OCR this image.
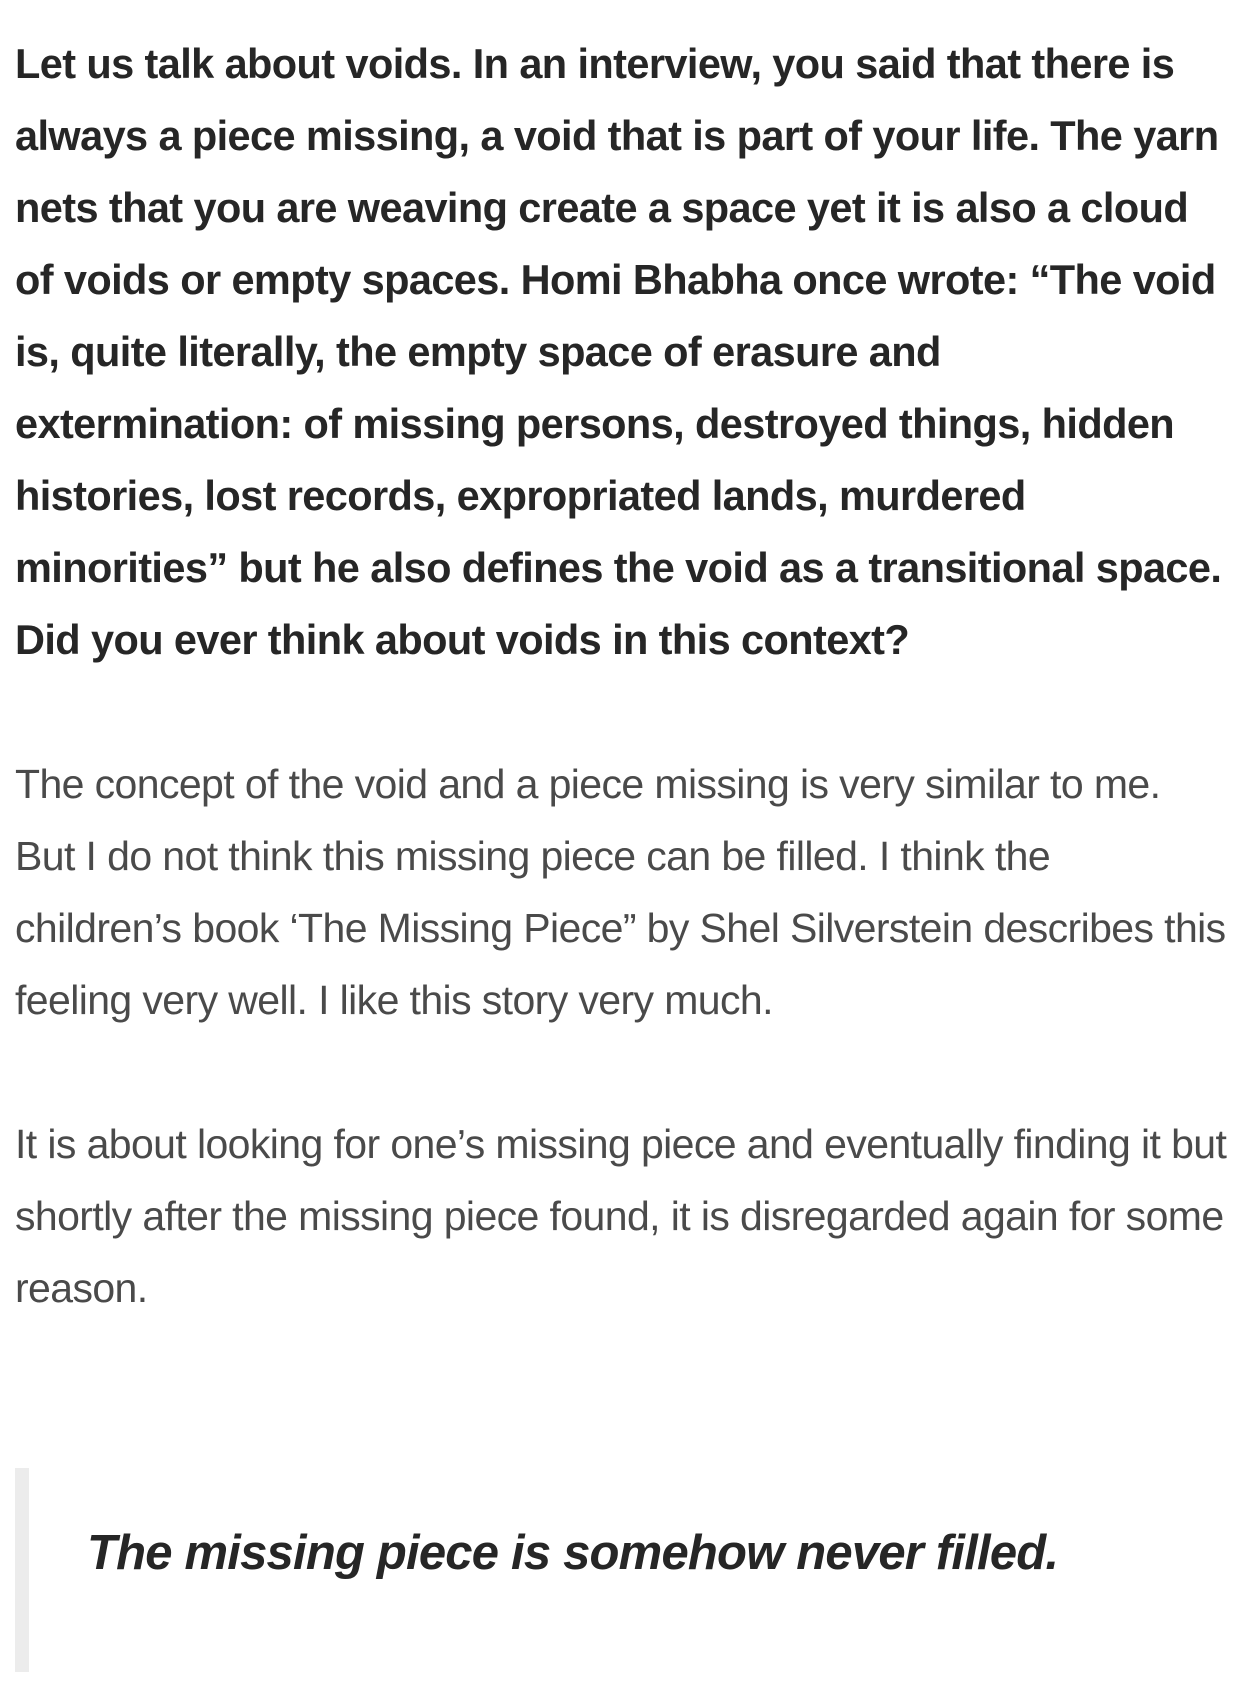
Let us talk about voids. In an interview, you said that there is always a piece missing, a void that is part of your life. The yarn nets that you are weaving create a space yet it is also a cloud of voids or empty spaces. Homi Bhabha once wrote: “The void is, quite literally, the empty space of erasure and extermination: of missing persons, destroyed things, hidden histories, lost records, expropriated lands, murdered minorities” but he also defines the void as a transitional space. Did you ever think about voids in this context?

The concept of the void and a piece missing is very similar to me. But I do not think this missing piece can be filled. I think the children’s book ‘The Missing Piece” by Shel Silverstein describes this feeling very well. I like this story very much.

It is about looking for one’s missing piece and eventually finding it but shortly after the missing piece found, it is disregarded again for some reason.

The missing piece is somehow never filled.
